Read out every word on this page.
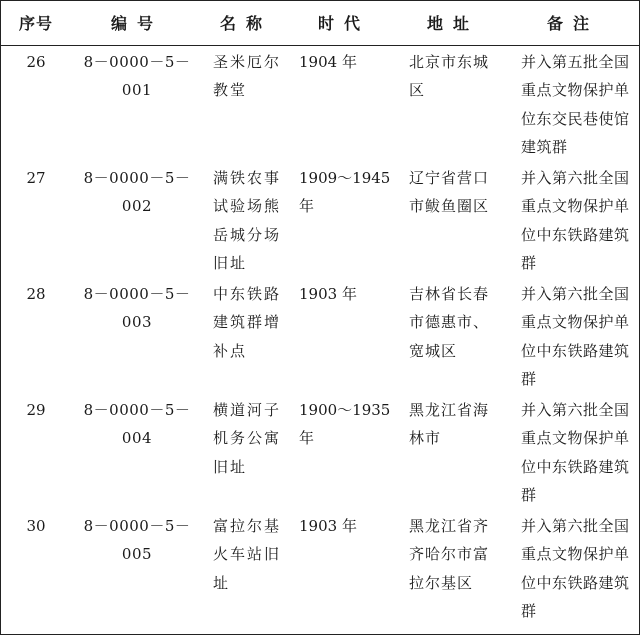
序号	编号	名称	时代	地址	备注
26	8－0000－5－001	圣米厄尔教堂	1904 年	北京市东城区	并入第五批全国重点文物保护单位东交民巷使馆建筑群

27	8－0000－5－002	满铁农事试验场熊岳城分场旧址	1909～1945 年	辽宁省营口市鲅鱼圈区	并入第六批全国重点文物保护单位中东铁路建筑群

28	8－0000－5－003	中东铁路建筑群增补点	1903 年	吉林省长春市德惠市、宽城区	并入第六批全国重点文物保护单位中东铁路建筑群

29	8－0000－5－004	横道河子机务公寓旧址	1900～1935 年	黑龙江省海林市	并入第六批全国重点文物保护单位中东铁路建筑群

30	8－0000－5－005	富拉尔基火车站旧址	1903 年	黑龙江省齐齐哈尔市富拉尔基区	并入第六批全国重点文物保护单位中东铁路建筑群
